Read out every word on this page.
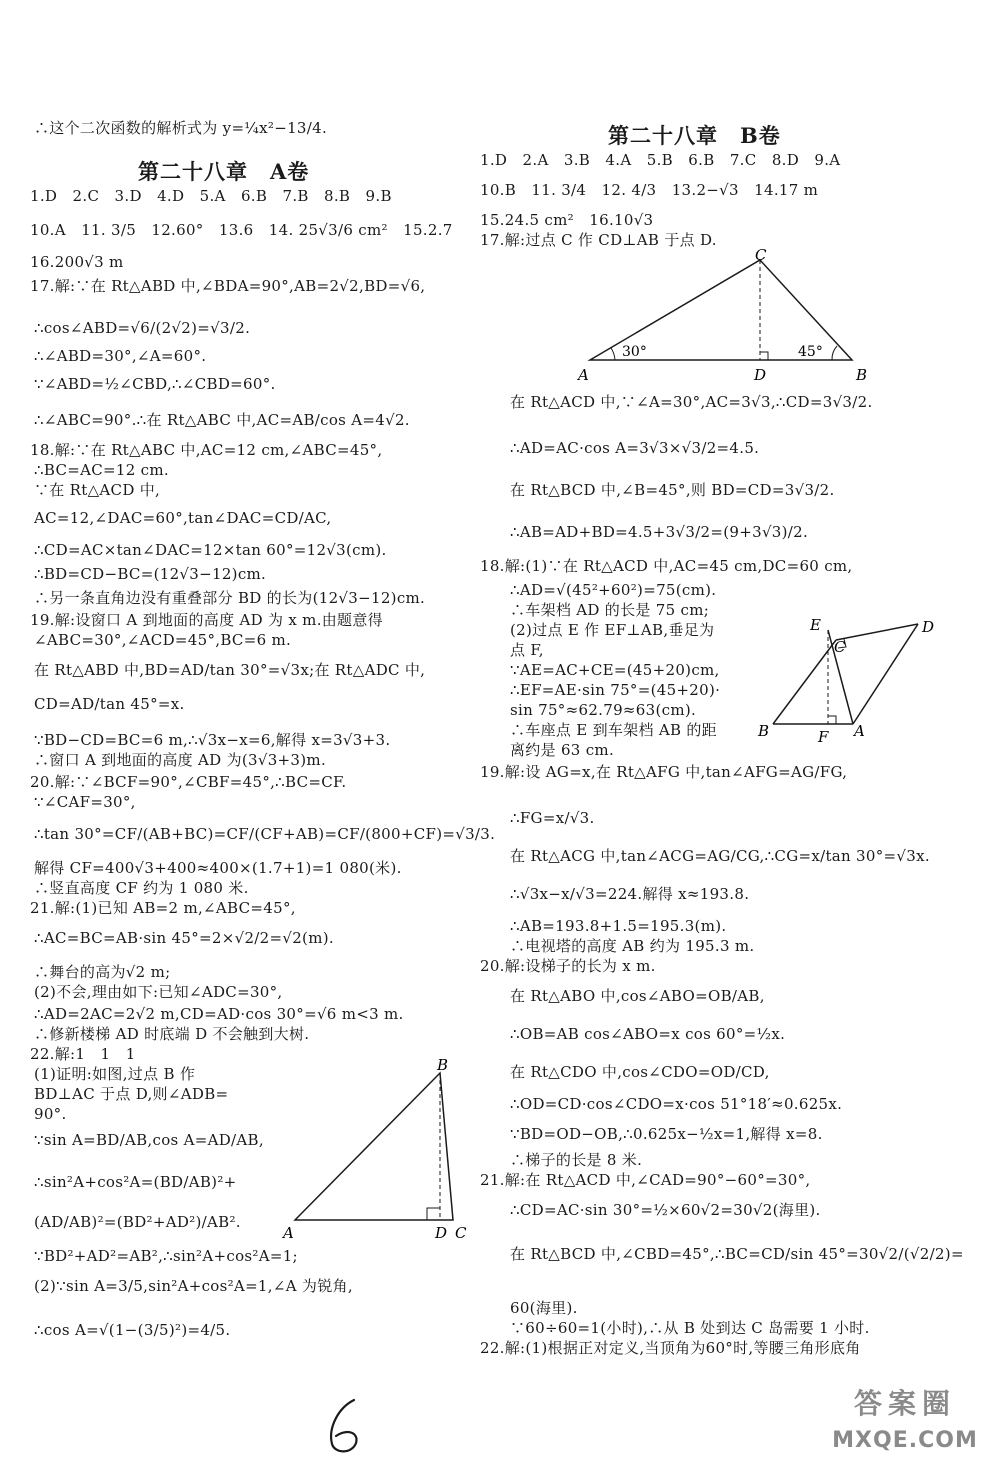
∴这个二次函数的解析式为 y=¼x²−13/4.
第二十八章　A卷
1.D　2.C　3.D　4.D　5.A　6.B　7.B　8.B　9.B
10.A　11. 3/5　12.60°　13.6　14. 25√3/6 cm²　15.2.7
16.200√3 m
17.解:∵在 Rt△ABD 中,∠BDA=90°,AB=2√2,BD=√6,
∴cos∠ABD=√6/(2√2)=√3/2.
∴∠ABD=30°,∠A=60°.
∵∠ABD=½∠CBD,∴∠CBD=60°.
∴∠ABC=90°.∴在 Rt△ABC 中,AC=AB/cos A=4√2.
18.解:∵在 Rt△ABC 中,AC=12 cm,∠ABC=45°,
∴BC=AC=12 cm.
∵在 Rt△ACD 中,
AC=12,∠DAC=60°,tan∠DAC=CD/AC,
∴CD=AC×tan∠DAC=12×tan 60°=12√3(cm).
∴BD=CD−BC=(12√3−12)cm.
∴另一条直角边没有重叠部分 BD 的长为(12√3−12)cm.
19.解:设窗口 A 到地面的高度 AD 为 x m.由题意得
∠ABC=30°,∠ACD=45°,BC=6 m.
在 Rt△ABD 中,BD=AD/tan 30°=√3x;在 Rt△ADC 中,
CD=AD/tan 45°=x.
∵BD−CD=BC=6 m,∴√3x−x=6,解得 x=3√3+3.
∴窗口 A 到地面的高度 AD 为(3√3+3)m.
20.解:∵∠BCF=90°,∠CBF=45°,∴BC=CF.
∵∠CAF=30°,
∴tan 30°=CF/(AB+BC)=CF/(CF+AB)=CF/(800+CF)=√3/3.
解得 CF=400√3+400≈400×(1.7+1)=1 080(米).
∴竖直高度 CF 约为 1 080 米.
21.解:(1)已知 AB=2 m,∠ABC=45°,
∴AC=BC=AB·sin 45°=2×√2/2=√2(m).
∴舞台的高为√2 m;
(2)不会,理由如下:已知∠ADC=30°,
∴AD=2AC=2√2 m,CD=AD·cos 30°=√6 m<3 m.
∴修新楼梯 AD 时底端 D 不会触到大树.
22.解:1　1　1
(1)证明:如图,过点 B 作
BD⊥AC 于点 D,则∠ADB=
90°.
∵sin A=BD/AB,cos A=AD/AB,
∴sin²A+cos²A=(BD/AB)²+
(AD/AB)²=(BD²+AD²)/AB².
∵BD²+AD²=AB²,∴sin²A+cos²A=1;
(2)∵sin A=3/5,sin²A+cos²A=1,∠A 为锐角,
∴cos A=√(1−(3/5)²)=4/5.
B
A	D C
第二十八章　B卷
1.D　2.A　3.B　4.A　5.B　6.B　7.C　8.D　9.A
10.B　11. 3/4　12. 4/3　13.2−√3　14.17 m
15.24.5 cm²　16.10√3
17.解:过点 C 作 CD⊥AB 于点 D.
C
A	D	B
30°	45°
在 Rt△ACD 中,∵∠A=30°,AC=3√3,∴CD=3√3/2.
∴AD=AC·cos A=3√3×√3/2=4.5.
在 Rt△BCD 中,∠B=45°,则 BD=CD=3√3/2.
∴AB=AD+BD=4.5+3√3/2=(9+3√3)/2.
18.解:(1)∵在 Rt△ACD 中,AC=45 cm,DC=60 cm,
∴AD=√(45²+60²)=75(cm).
∴车架档 AD 的长是 75 cm;
(2)过点 E 作 EF⊥AB,垂足为
点 F,
∵AE=AC+CE=(45+20)cm,
∴EF=AE·sin 75°=(45+20)·
sin 75°≈62.79≈63(cm).
∴车座点 E 到车架档 AB 的距
离约是 63 cm.
E	D
C
B	F A
19.解:设 AG=x,在 Rt△AFG 中,tan∠AFG=AG/FG,
∴FG=x/√3.
在 Rt△ACG 中,tan∠ACG=AG/CG,∴CG=x/tan 30°=√3x.
∴√3x−x/√3=224.解得 x≈193.8.
∴AB=193.8+1.5=195.3(m).
∴电视塔的高度 AB 约为 195.3 m.
20.解:设梯子的长为 x m.
在 Rt△ABO 中,cos∠ABO=OB/AB,
∴OB=AB cos∠ABO=x cos 60°=½x.
在 Rt△CDO 中,cos∠CDO=OD/CD,
∴OD=CD·cos∠CDO=x·cos 51°18′≈0.625x.
∵BD=OD−OB,∴0.625x−½x=1,解得 x=8.
∴梯子的长是 8 米.
21.解:在 Rt△ACD 中,∠CAD=90°−60°=30°,
∴CD=AC·sin 30°=½×60√2=30√2(海里).
在 Rt△BCD 中,∠CBD=45°,∴BC=CD/sin 45°=30√2/(√2/2)=
60(海里).
∵60÷60=1(小时),∴从 B 处到达 C 岛需要 1 小时.
22.解:(1)根据正对定义,当顶角为60°时,等腰三角形底角
6	答案圈
MXQE.COM
